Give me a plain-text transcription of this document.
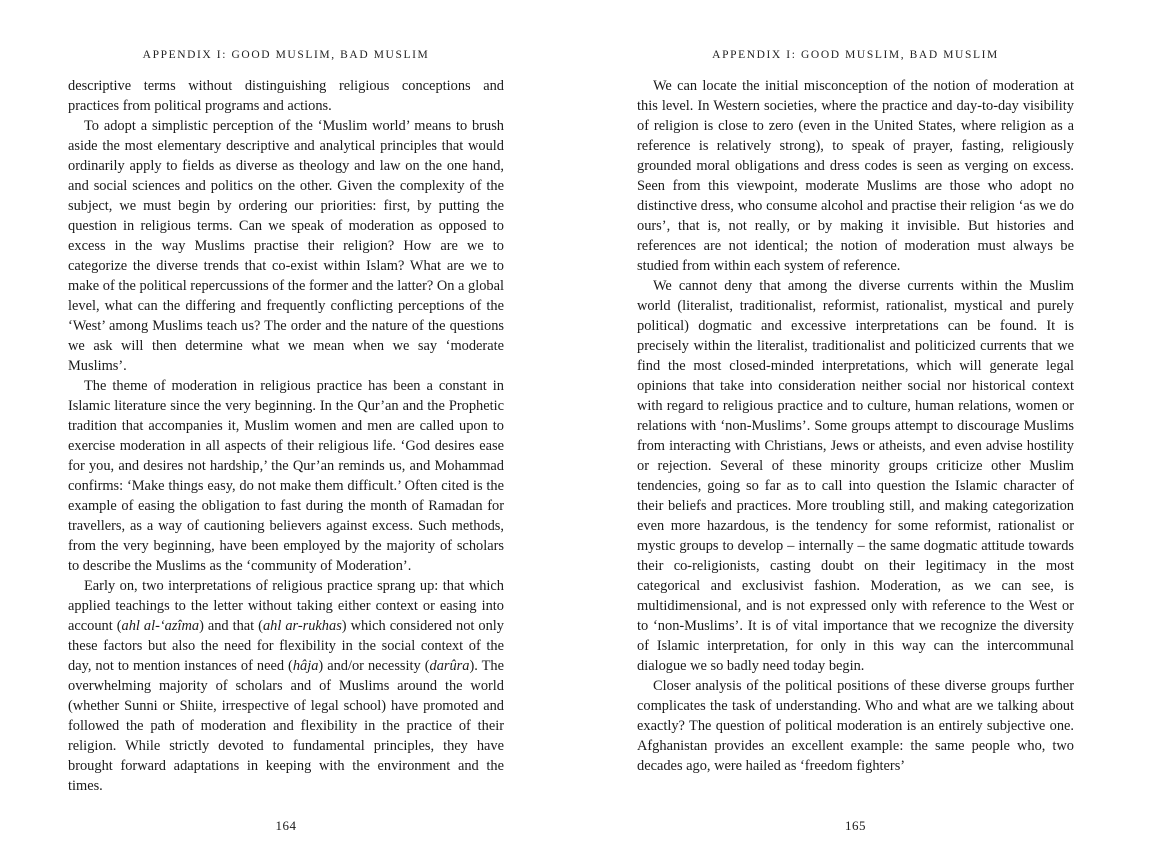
APPENDIX I: GOOD MUSLIM, BAD MUSLIM

descriptive terms without distinguishing religious conceptions and practices from political programs and actions.

To adopt a simplistic perception of the ‘Muslim world’ means to brush aside the most elementary descriptive and analytical principles that would ordinarily apply to fields as diverse as theology and law on the one hand, and social sciences and politics on the other. Given the complexity of the subject, we must begin by ordering our priorities: first, by putting the question in religious terms. Can we speak of moderation as opposed to excess in the way Muslims practise their religion? How are we to categorize the diverse trends that co-exist within Islam? What are we to make of the political repercussions of the former and the latter? On a global level, what can the differing and frequently conflicting perceptions of the ‘West’ among Muslims teach us? The order and the nature of the questions we ask will then determine what we mean when we say ‘moderate Muslims’.

The theme of moderation in religious practice has been a constant in Islamic literature since the very beginning. In the Qur’an and the Prophetic tradition that accompanies it, Muslim women and men are called upon to exercise moderation in all aspects of their religious life. ‘God desires ease for you, and desires not hardship,’ the Qur’an reminds us, and Mohammad confirms: ‘Make things easy, do not make them difficult.’ Often cited is the example of easing the obligation to fast during the month of Ramadan for travellers, as a way of cautioning believers against excess. Such methods, from the very beginning, have been employed by the majority of scholars to describe the Muslims as the ‘community of Moderation’.

Early on, two interpretations of religious practice sprang up: that which applied teachings to the letter without taking either context or easing into account (ahl al-‘azîma) and that (ahl ar-rukhas) which considered not only these factors but also the need for flexibility in the social context of the day, not to mention instances of need (hâja) and/or necessity (darûra). The overwhelming majority of scholars and of Muslims around the world (whether Sunni or Shiite, irrespective of legal school) have promoted and followed the path of moderation and flexibility in the practice of their religion. While strictly devoted to fundamental principles, they have brought forward adaptations in keeping with the environment and the times.

164
APPENDIX I: GOOD MUSLIM, BAD MUSLIM

We can locate the initial misconception of the notion of moderation at this level. In Western societies, where the practice and day-to-day visibility of religion is close to zero (even in the United States, where religion as a reference is relatively strong), to speak of prayer, fasting, religiously grounded moral obligations and dress codes is seen as verging on excess. Seen from this viewpoint, moderate Muslims are those who adopt no distinctive dress, who consume alcohol and practise their religion ‘as we do ours’, that is, not really, or by making it invisible. But histories and references are not identical; the notion of moderation must always be studied from within each system of reference.

We cannot deny that among the diverse currents within the Muslim world (literalist, traditionalist, reformist, rationalist, mystical and purely political) dogmatic and excessive interpretations can be found. It is precisely within the literalist, traditionalist and politicized currents that we find the most closed-minded interpretations, which will generate legal opinions that take into consideration neither social nor historical context with regard to religious practice and to culture, human relations, women or relations with ‘non-Muslims’. Some groups attempt to discourage Muslims from interacting with Christians, Jews or atheists, and even advise hostility or rejection. Several of these minority groups criticize other Muslim tendencies, going so far as to call into question the Islamic character of their beliefs and practices. More troubling still, and making categorization even more hazardous, is the tendency for some reformist, rationalist or mystic groups to develop – internally – the same dogmatic attitude towards their co-religionists, casting doubt on their legitimacy in the most categorical and exclusivist fashion. Moderation, as we can see, is multidimensional, and is not expressed only with reference to the West or to ‘non-Muslims’. It is of vital importance that we recognize the diversity of Islamic interpretation, for only in this way can the intercommunal dialogue we so badly need today begin.

Closer analysis of the political positions of these diverse groups further complicates the task of understanding. Who and what are we talking about exactly? The question of political moderation is an entirely subjective one. Afghanistan provides an excellent example: the same people who, two decades ago, were hailed as ‘freedom fighters’

165
